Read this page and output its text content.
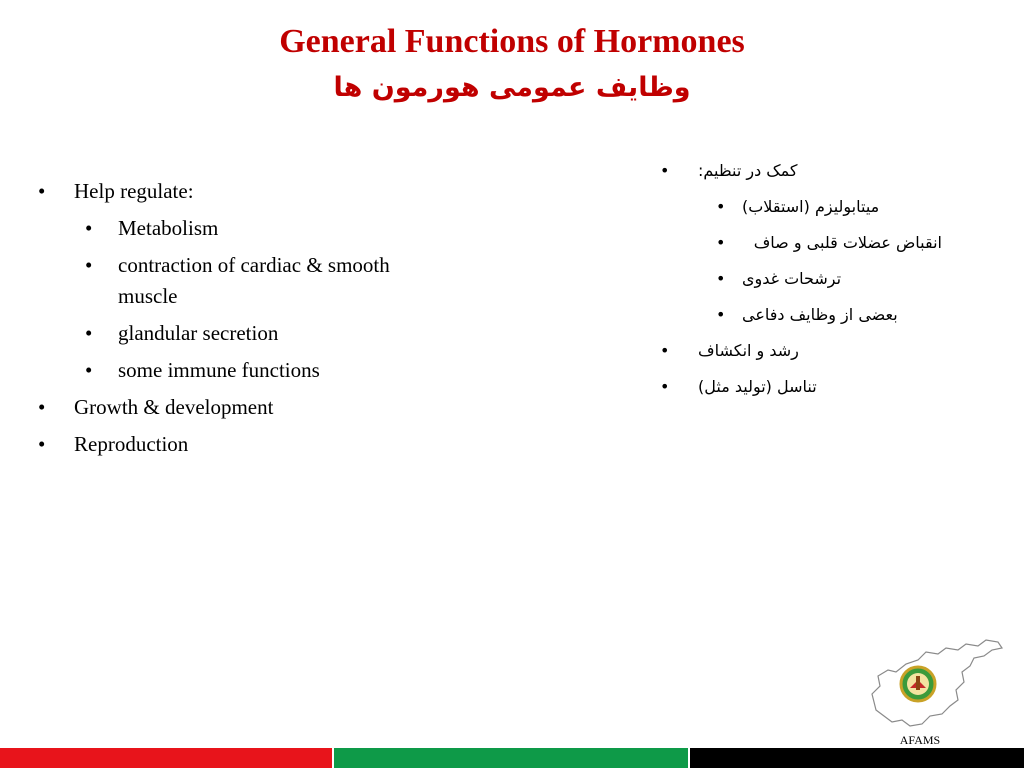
General Functions of Hormones
وظایف عمومی هورمون ها
• Help regulate:
• Metabolism
• contraction of cardiac & smooth muscle
• glandular secretion
• some immune functions
• Growth & development
• Reproduction
• کمک در تنظیم:
• میتابولیزم (استقلاب)
• انقباض عضلات قلبی و صاف
• ترشحات غدوی
• بعضی از وظایف دفاعی
• رشد و انکشاف
• تناسل (تولید مثل)
AFAMS
